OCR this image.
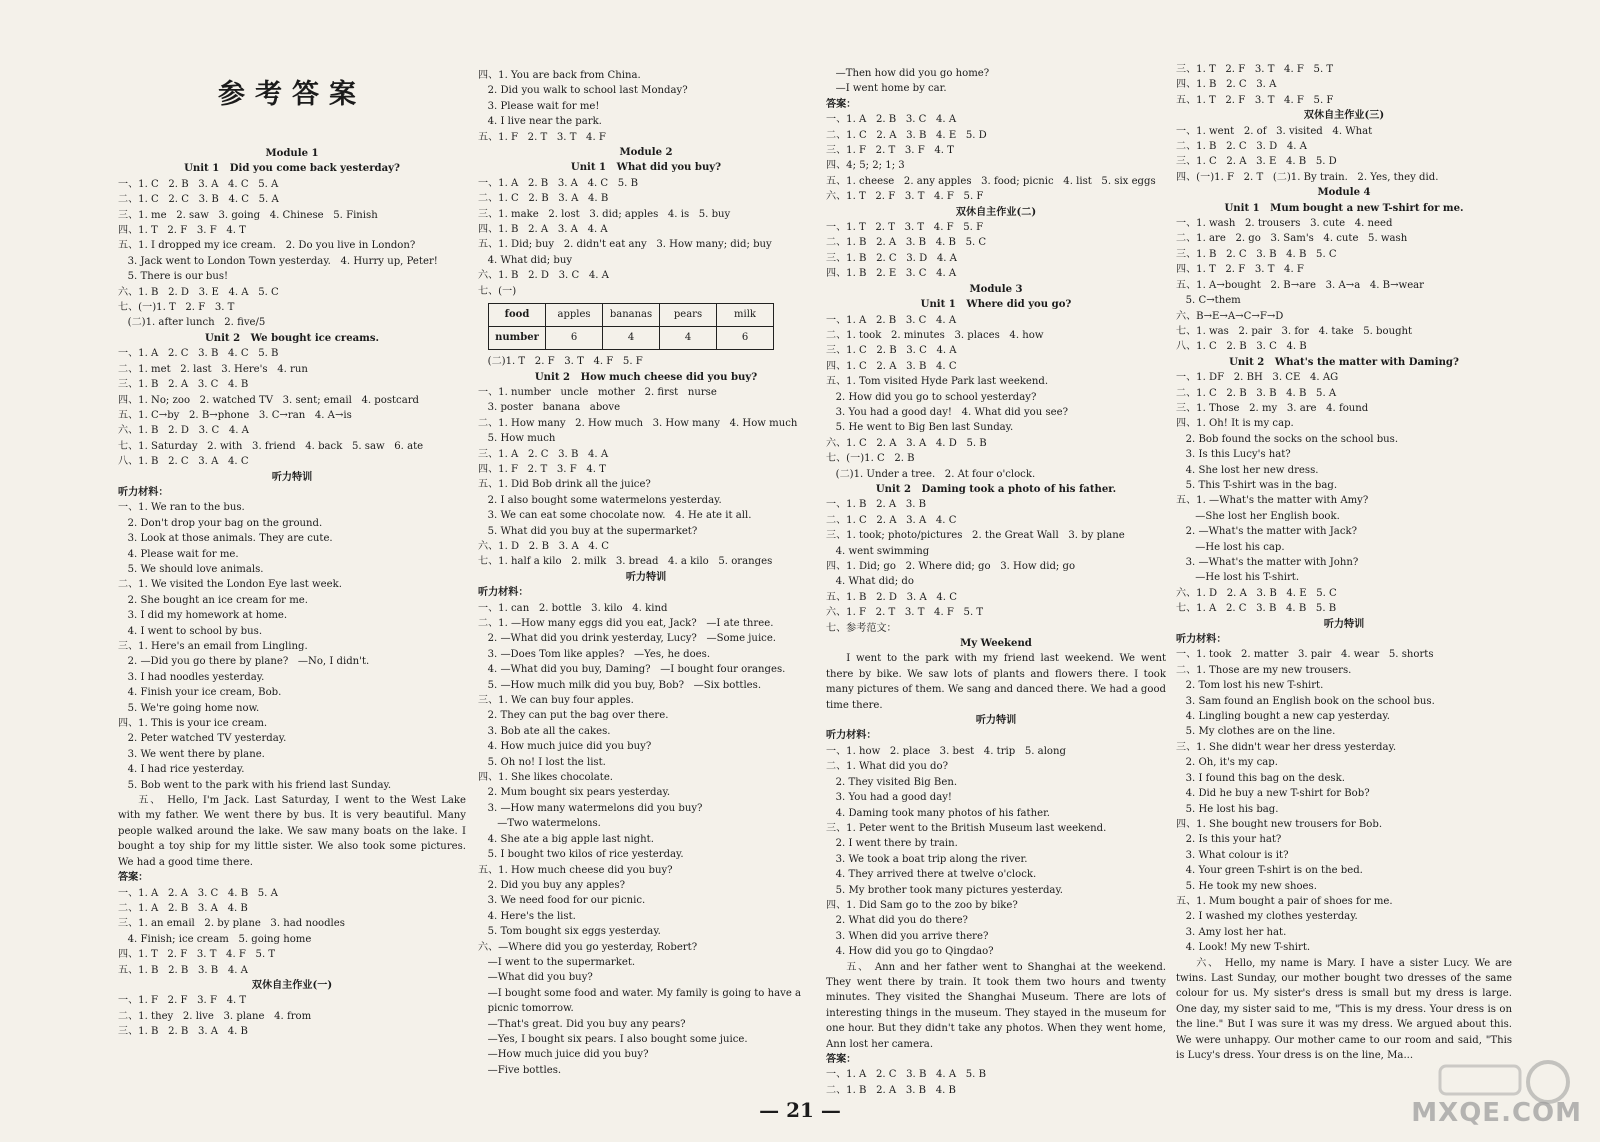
参考答案
Module 1
Unit 1   Did you come back yesterday?
一、1. C   2. B   3. A   4. C   5. A
二、1. C   2. C   3. B   4. C   5. A
三、1. me   2. saw   3. going   4. Chinese   5. Finish
四、1. T   2. F   3. F   4. T
五、1. I dropped my ice cream.   2. Do you live in London?
3. Jack went to London Town yesterday.   4. Hurry up, Peter!
5. There is our bus!
六、1. B   2. D   3. E   4. A   5. C
七、(一)1. T   2. F   3. T
(二)1. after lunch   2. five/5
Unit 2   We bought ice creams.
一、1. A   2. C   3. B   4. C   5. B
二、1. met   2. last   3. Here's   4. run
三、1. B   2. A   3. C   4. B
四、1. No; zoo   2. watched TV   3. sent; email   4. postcard
五、1. C→by   2. B→phone   3. C→ran   4. A→is
六、1. B   2. D   3. C   4. A
七、1. Saturday   2. with   3. friend   4. back   5. saw   6. ate
八、1. B   2. C   3. A   4. C
听力特训
听力材料：
一、1. We ran to the bus.
2. Don't drop your bag on the ground.
3. Look at those animals. They are cute.
4. Please wait for me.
5. We should love animals.
二、1. We visited the London Eye last week.
2. She bought an ice cream for me.
3. I did my homework at home.
4. I went to school by bus.
三、1. Here's an email from Lingling.
2. —Did you go there by plane?   —No, I didn't.
3. I had noodles yesterday.
4. Finish your ice cream, Bob.
5. We're going home now.
四、1. This is your ice cream.
2. Peter watched TV yesterday.
3. We went there by plane.
4. I had rice yesterday.
5. Bob went to the park with his friend last Sunday.
五、 Hello, I'm Jack. Last Saturday, I went to the West Lake with my father. We went there by bus. It is very beautiful. Many people walked around the lake. We saw many boats on the lake. I bought a toy ship for my little sister. We also took some pictures. We had a good time there.
答案：
一、1. A   2. A   3. C   4. B   5. A
二、1. A   2. B   3. A   4. B
三、1. an email   2. by plane   3. had noodles
4. Finish; ice cream   5. going home
四、1. T   2. F   3. T   4. F   5. T
五、1. B   2. B   3. B   4. A
双休自主作业(一)
一、1. F   2. F   3. F   4. T
二、1. they   2. live   3. plane   4. from
三、1. B   2. B   3. A   4. B
四、1. You are back from China.
2. Did you walk to school last Monday?
3. Please wait for me!
4. I live near the park.
五、1. F   2. T   3. T   4. F
Module 2
Unit 1   What did you buy?
一、1. A   2. B   3. A   4. C   5. B
二、1. C   2. B   3. A   4. B
三、1. make   2. lost   3. did; apples   4. is   5. buy
四、1. B   2. A   3. A   4. A
五、1. Did; buy   2. didn't eat any   3. How many; did; buy
4. What did; buy
六、1. B   2. D   3. C   4. A
七、(一)
food	apples	bananas	pears	milk
number	6	4	4	6
(二)1. T   2. F   3. T   4. F   5. F
Unit 2   How much cheese did you buy?
一、1. number   uncle   mother   2. first   nurse
3. poster   banana   above
二、1. How many   2. How much   3. How many   4. How much
5. How much
三、1. A   2. C   3. B   4. A
四、1. F   2. T   3. F   4. T
五、1. Did Bob drink all the juice?
2. I also bought some watermelons yesterday.
3. We can eat some chocolate now.   4. He ate it all.
5. What did you buy at the supermarket?
六、1. D   2. B   3. A   4. C
七、1. half a kilo   2. milk   3. bread   4. a kilo   5. oranges
听力特训
听力材料：
一、1. can   2. bottle   3. kilo   4. kind
二、1. —How many eggs did you eat, Jack?   —I ate three.
2. —What did you drink yesterday, Lucy?   —Some juice.
3. —Does Tom like apples?   —Yes, he does.
4. —What did you buy, Daming?   —I bought four oranges.
5. —How much milk did you buy, Bob?   —Six bottles.
三、1. We can buy four apples.
2. They can put the bag over there.
3. Bob ate all the cakes.
4. How much juice did you buy?
5. Oh no! I lost the list.
四、1. She likes chocolate.
2. Mum bought six pears yesterday.
3. —How many watermelons did you buy?
—Two watermelons.
4. She ate a big apple last night.
5. I bought two kilos of rice yesterday.
五、1. How much cheese did you buy?
2. Did you buy any apples?
3. We need food for our picnic.
4. Here's the list.
5. Tom bought six eggs yesterday.
六、—Where did you go yesterday, Robert?
—I went to the supermarket.
—What did you buy?
—I bought some food and water. My family is going to have a
picnic tomorrow.
—That's great. Did you buy any pears?
—Yes, I bought six pears. I also bought some juice.
—How much juice did you buy?
—Five bottles.
—Then how did you go home?
—I went home by car.
答案：
一、1. A   2. B   3. C   4. A
二、1. C   2. A   3. B   4. E   5. D
三、1. F   2. T   3. F   4. T
四、4; 5; 2; 1; 3
五、1. cheese   2. any apples   3. food; picnic   4. list   5. six eggs
六、1. T   2. F   3. T   4. F   5. F
双休自主作业(二)
一、1. T   2. T   3. T   4. F   5. F
二、1. B   2. A   3. B   4. B   5. C
三、1. B   2. C   3. D   4. A
四、1. B   2. E   3. C   4. A
Module 3
Unit 1   Where did you go?
一、1. A   2. B   3. C   4. A
二、1. took   2. minutes   3. places   4. how
三、1. C   2. B   3. C   4. A
四、1. C   2. A   3. B   4. C
五、1. Tom visited Hyde Park last weekend.
2. How did you go to school yesterday?
3. You had a good day!   4. What did you see?
5. He went to Big Ben last Sunday.
六、1. C   2. A   3. A   4. D   5. B
七、(一)1. C   2. B
(二)1. Under a tree.   2. At four o'clock.
Unit 2   Daming took a photo of his father.
一、1. B   2. A   3. B
二、1. C   2. A   3. A   4. C
三、1. took; photo/pictures   2. the Great Wall   3. by plane
4. went swimming
四、1. Did; go   2. Where did; go   3. How did; go
4. What did; do
五、1. B   2. D   3. A   4. C
六、1. F   2. T   3. T   4. F   5. T
七、参考范文：
My Weekend
I went to the park with my friend last weekend. We went there by bike. We saw lots of plants and flowers there. I took many pictures of them. We sang and danced there. We had a good time there.
听力特训
听力材料：
一、1. how   2. place   3. best   4. trip   5. along
二、1. What did you do?
2. They visited Big Ben.
3. You had a good day!
4. Daming took many photos of his father.
三、1. Peter went to the British Museum last weekend.
2. I went there by train.
3. We took a boat trip along the river.
4. They arrived there at twelve o'clock.
5. My brother took many pictures yesterday.
四、1. Did Sam go to the zoo by bike?
2. What did you do there?
3. When did you arrive there?
4. How did you go to Qingdao?
五、 Ann and her father went to Shanghai at the weekend. They went there by train. It took them two hours and twenty minutes. They visited the Shanghai Museum. There are lots of interesting things in the museum. They stayed in the museum for one hour. But they didn't take any photos. When they went home, Ann lost her camera.
答案：
一、1. A   2. C   3. B   4. A   5. B
二、1. B   2. A   3. B   4. B
三、1. T   2. F   3. T   4. F   5. T
四、1. B   2. C   3. A
五、1. T   2. F   3. T   4. F   5. F
双休自主作业(三)
一、1. went   2. of   3. visited   4. What
二、1. B   2. C   3. D   4. A
三、1. C   2. A   3. E   4. B   5. D
四、(一)1. F   2. T   (二)1. By train.   2. Yes, they did.
Module 4
Unit 1   Mum bought a new T-shirt for me.
一、1. wash   2. trousers   3. cute   4. need
二、1. are   2. go   3. Sam's   4. cute   5. wash
三、1. B   2. C   3. B   4. B   5. C
四、1. T   2. F   3. T   4. F
五、1. A→bought   2. B→are   3. A→a   4. B→wear
5. C→them
六、B→E→A→C→F→D
七、1. was   2. pair   3. for   4. take   5. bought
八、1. C   2. B   3. C   4. B
Unit 2   What's the matter with Daming?
一、1. DF   2. BH   3. CE   4. AG
二、1. C   2. B   3. B   4. B   5. A
三、1. Those   2. my   3. are   4. found
四、1. Oh! It is my cap.
2. Bob found the socks on the school bus.
3. Is this Lucy's hat?
4. She lost her new dress.
5. This T-shirt was in the bag.
五、1. —What's the matter with Amy?
—She lost her English book.
2. —What's the matter with Jack?
—He lost his cap.
3. —What's the matter with John?
—He lost his T-shirt.
六、1. D   2. A   3. B   4. E   5. C
七、1. A   2. C   3. B   4. B   5. B
听力特训
听力材料：
一、1. took   2. matter   3. pair   4. wear   5. shorts
二、1. Those are my new trousers.
2. Tom lost his new T-shirt.
3. Sam found an English book on the school bus.
4. Lingling bought a new cap yesterday.
5. My clothes are on the line.
三、1. She didn't wear her dress yesterday.
2. Oh, it's my cap.
3. I found this bag on the desk.
4. Did he buy a new T-shirt for Bob?
5. He lost his bag.
四、1. She bought new trousers for Bob.
2. Is this your hat?
3. What colour is it?
4. Your green T-shirt is on the bed.
5. He took my new shoes.
五、1. Mum bought a pair of shoes for me.
2. I washed my clothes yesterday.
3. Amy lost her hat.
4. Look! My new T-shirt.
六、 Hello, my name is Mary. I have a sister Lucy. We are twins. Last Sunday, our mother bought two dresses of the same colour for us. My sister's dress is small but my dress is large. One day, my sister said to me, "This is my dress. Your dress is on the line." But I was sure it was my dress. We argued about this. We were unhappy. Our mother came to our room and said, "This is Lucy's dress. Your dress is on the line, Ma...
— 21 —	MXQE.COM
